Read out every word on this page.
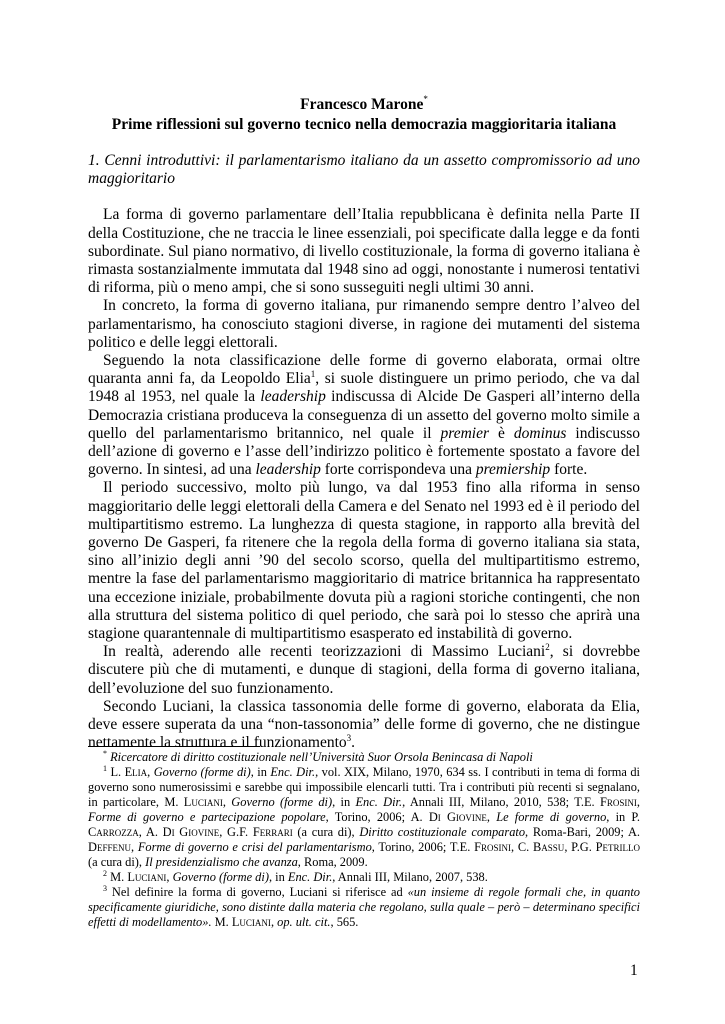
Francesco Marone*
Prime riflessioni sul governo tecnico nella democrazia maggioritaria italiana
1. Cenni introduttivi: il parlamentarismo italiano da un assetto compromissorio ad uno maggioritario

La forma di governo parlamentare dell’Italia repubblicana è definita nella Parte II della Costituzione, che ne traccia le linee essenziali, poi specificate dalla legge e da fonti subordinate. Sul piano normativo, di livello costituzionale, la forma di governo italiana è rimasta sostanzialmente immutata dal 1948 sino ad oggi, nonostante i numerosi tentativi di riforma, più o meno ampi, che si sono susseguiti negli ultimi 30 anni.

In concreto, la forma di governo italiana, pur rimanendo sempre dentro l’alveo del parlamentarismo, ha conosciuto stagioni diverse, in ragione dei mutamenti del sistema politico e delle leggi elettorali.

Seguendo la nota classificazione delle forme di governo elaborata, ormai oltre quaranta anni fa, da Leopoldo Elia$^1$, si suole distinguere un primo periodo, che va dal 1948 al 1953, nel quale la leadership indiscussa di Alcide De Gasperi all’interno della Democrazia cristiana produceva la conseguenza di un assetto del governo molto simile a quello del parlamentarismo britannico, nel quale il premier è dominus indiscusso dell’azione di governo e l’asse dell’indirizzo politico è fortemente spostato a favore del governo. In sintesi, ad una leadership forte corrispondeva una premiership forte.

Il periodo successivo, molto più lungo, va dal 1953 fino alla riforma in senso maggioritario delle leggi elettorali della Camera e del Senato nel 1993 ed è il periodo del multipartitismo estremo. La lunghezza di questa stagione, in rapporto alla brevità del governo De Gasperi, fa ritenere che la regola della forma di governo italiana sia stata, sino all’inizio degli anni ’90 del secolo scorso, quella del multipartitismo estremo, mentre la fase del parlamentarismo maggioritario di matrice britannica ha rappresentato una eccezione iniziale, probabilmente dovuta più a ragioni storiche contingenti, che non alla struttura del sistema politico di quel periodo, che sarà poi lo stesso che aprirà una stagione quarantennale di multipartitismo esasperato ed instabilità di governo.

In realtà, aderendo alle recenti teorizzazioni di Massimo Luciani$^2$, si dovrebbe discutere più che di mutamenti, e dunque di stagioni, della forma di governo italiana, dell’evoluzione del suo funzionamento.

Secondo Luciani, la classica tassonomia delle forme di governo, elaborata da Elia, deve essere superata da una “non-tassonomia” delle forme di governo, che ne distingue nettamente la struttura e il funzionamento$^3$.

* Ricercatore di diritto costituzionale nell’Università Suor Orsola Benincasa di Napoli

$^1$ L. Elia, Governo (forme di), in Enc. Dir., vol. XIX, Milano, 1970, 634 ss. I contributi in tema di forma di governo sono numerosissimi e sarebbe qui impossibile elencarli tutti. Tra i contributi più recenti si segnalano, in particolare, M. Luciani, Governo (forme di), in Enc. Dir., Annali III, Milano, 2010, 538; T.E. Frosini, Forme di governo e partecipazione popolare, Torino, 2006; A. Di Giovine, Le forme di governo, in P. Carrozza, A. Di Giovine, G.F. Ferrari (a cura di), Diritto costituzionale comparato, Roma-Bari, 2009; A. Deffenu, Forme di governo e crisi del parlamentarismo, Torino, 2006; T.E. Frosini, C. Bassu, P.G. Petrillo (a cura di), Il presidenzialismo che avanza, Roma, 2009.

$^2$ M. Luciani, Governo (forme di), in Enc. Dir., Annali III, Milano, 2007, 538.

$^3$ Nel definire la forma di governo, Luciani si riferisce ad «un insieme di regole formali che, in quanto specificamente giuridiche, sono distinte dalla materia che regolano, sulla quale – però – determinano specifici effetti di modellamento». M. Luciani, op. ult. cit., 565.

1
